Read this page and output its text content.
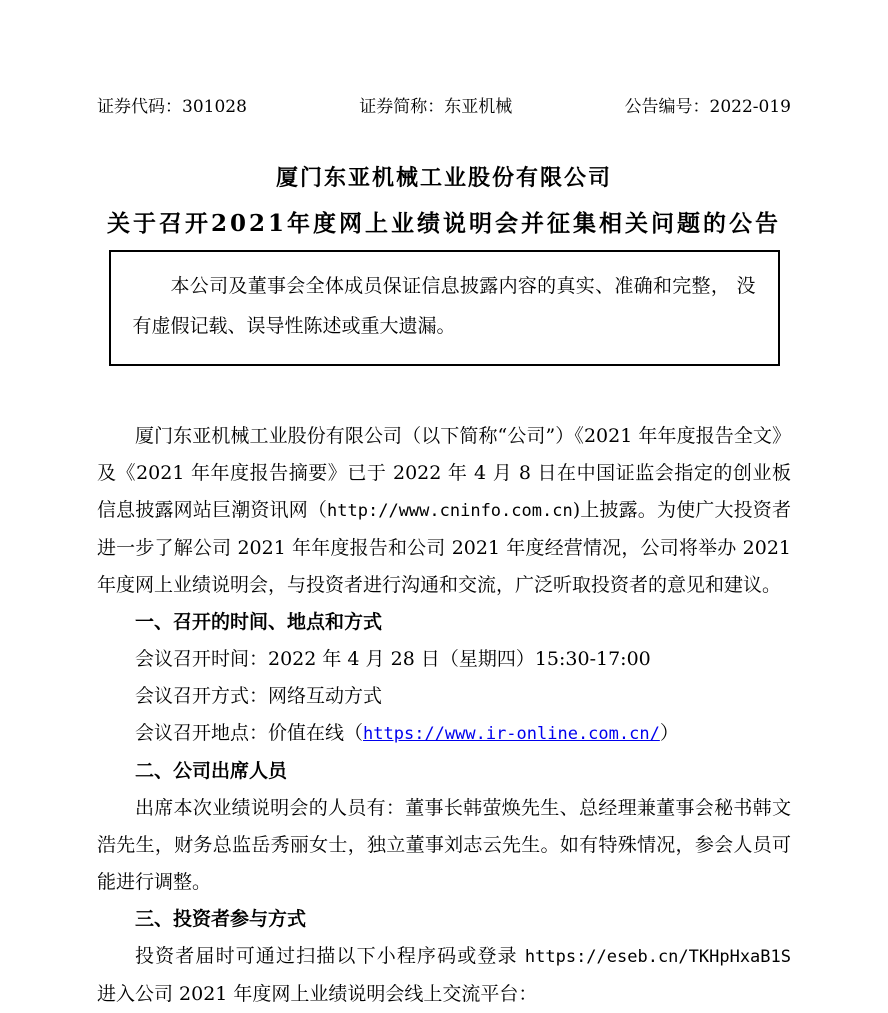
证券代码：301028	证券简称：东亚机械	公告编号：2022-019
厦门东亚机械工业股份有限公司
关于召开2021年度网上业绩说明会并征集相关问题的公告
本公司及董事会全体成员保证信息披露内容的真实、准确和完整， 没有虚假记载、误导性陈述或重大遗漏。

厦门东亚机械工业股份有限公司（以下简称“公司”）《2021 年年度报告全文》及《2021 年年度报告摘要》已于 2022 年 4 月 8 日在中国证监会指定的创业板信息披露网站巨潮资讯网（http://www.cninfo.com.cn)上披露。为使广大投资者进一步了解公司 2021 年年度报告和公司 2021 年度经营情况，公司将举办 2021 年度网上业绩说明会，与投资者进行沟通和交流，广泛听取投资者的意见和建议。

一、召开的时间、地点和方式

会议召开时间：2022 年 4 月 28 日（星期四）15:30-17:00

会议召开方式：网络互动方式

会议召开地点：价值在线（https://www.ir-online.com.cn/）

二、公司出席人员

出席本次业绩说明会的人员有：董事长韩萤焕先生、总经理兼董事会秘书韩文浩先生，财务总监岳秀丽女士，独立董事刘志云先生。如有特殊情况，参会人员可能进行调整。

三、投资者参与方式

投资者届时可通过扫描以下小程序码或登录 https://eseb.cn/TKHpHxaB1S 进入公司 2021 年度网上业绩说明会线上交流平台：
